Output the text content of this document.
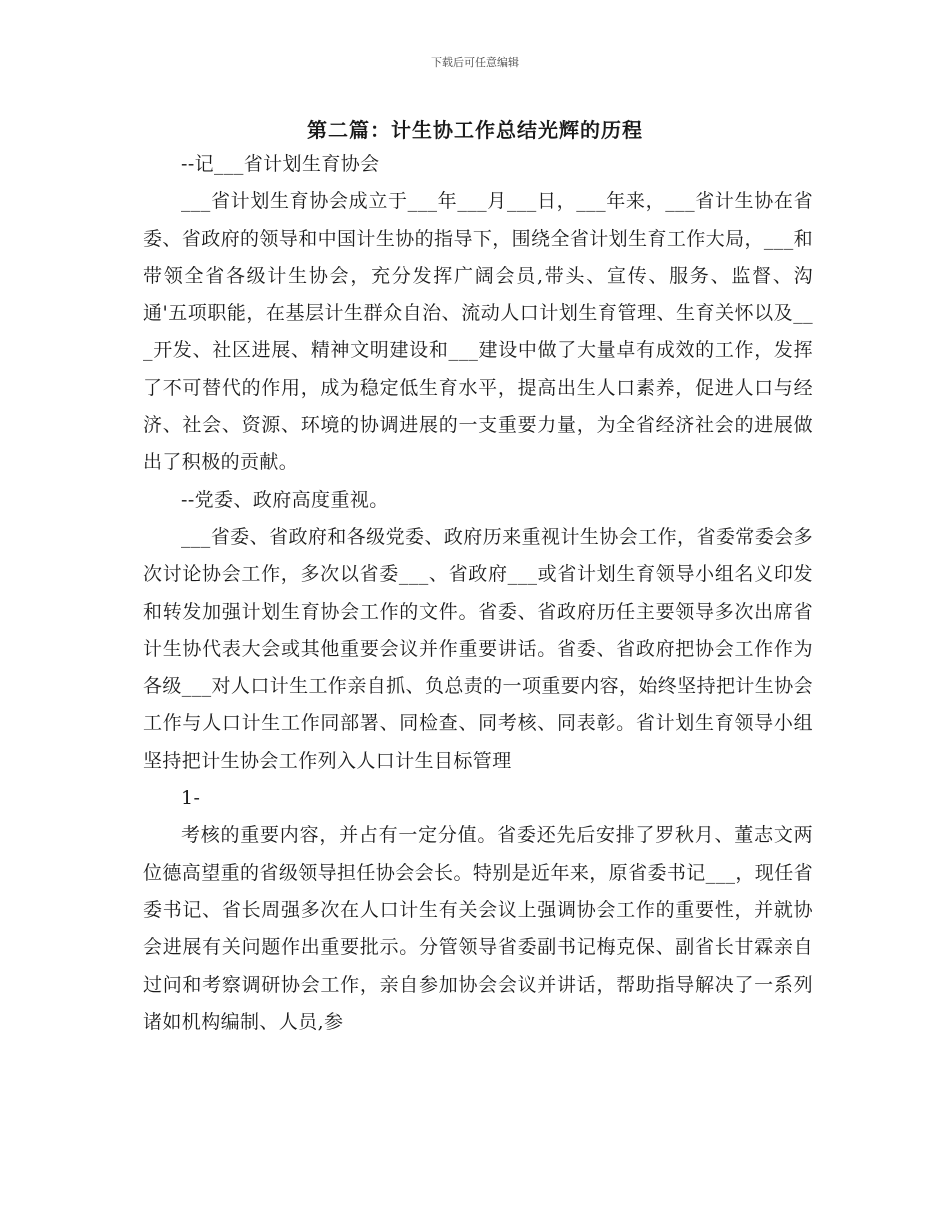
下载后可任意编辑
第二篇：计生协工作总结光辉的历程

--记___省计划生育协会

___省计划生育协会成立于___年___月___日，___年来，___省计生协在省委、省政府的领导和中国计生协的指导下，围绕全省计划生育工作大局，___和带领全省各级计生协会，充分发挥广阔会员,带头、宣传、服务、监督、沟通'五项职能，在基层计生群众自治、流动人口计划生育管理、生育关怀以及___开发、社区进展、精神文明建设和___建设中做了大量卓有成效的工作，发挥了不可替代的作用，成为稳定低生育水平，提高出生人口素养，促进人口与经济、社会、资源、环境的协调进展的一支重要力量，为全省经济社会的进展做出了积极的贡献。

--党委、政府高度重视。

___省委、省政府和各级党委、政府历来重视计生协会工作，省委常委会多次讨论协会工作，多次以省委___、省政府___或省计划生育领导小组名义印发和转发加强计划生育协会工作的文件。省委、省政府历任主要领导多次出席省计生协代表大会或其他重要会议并作重要讲话。省委、省政府把协会工作作为各级___对人口计生工作亲自抓、负总责的一项重要内容，始终坚持把计生协会工作与人口计生工作同部署、同检查、同考核、同表彰。省计划生育领导小组坚持把计生协会工作列入人口计生目标管理

1-

考核的重要内容，并占有一定分值。省委还先后安排了罗秋月、董志文两位德高望重的省级领导担任协会会长。特别是近年来，原省委书记___，现任省委书记、省长周强多次在人口计生有关会议上强调协会工作的重要性，并就协会进展有关问题作出重要批示。分管领导省委副书记梅克保、副省长甘霖亲自过问和考察调研协会工作，亲自参加协会会议并讲话，帮助指导解决了一系列诸如机构编制、人员,参
